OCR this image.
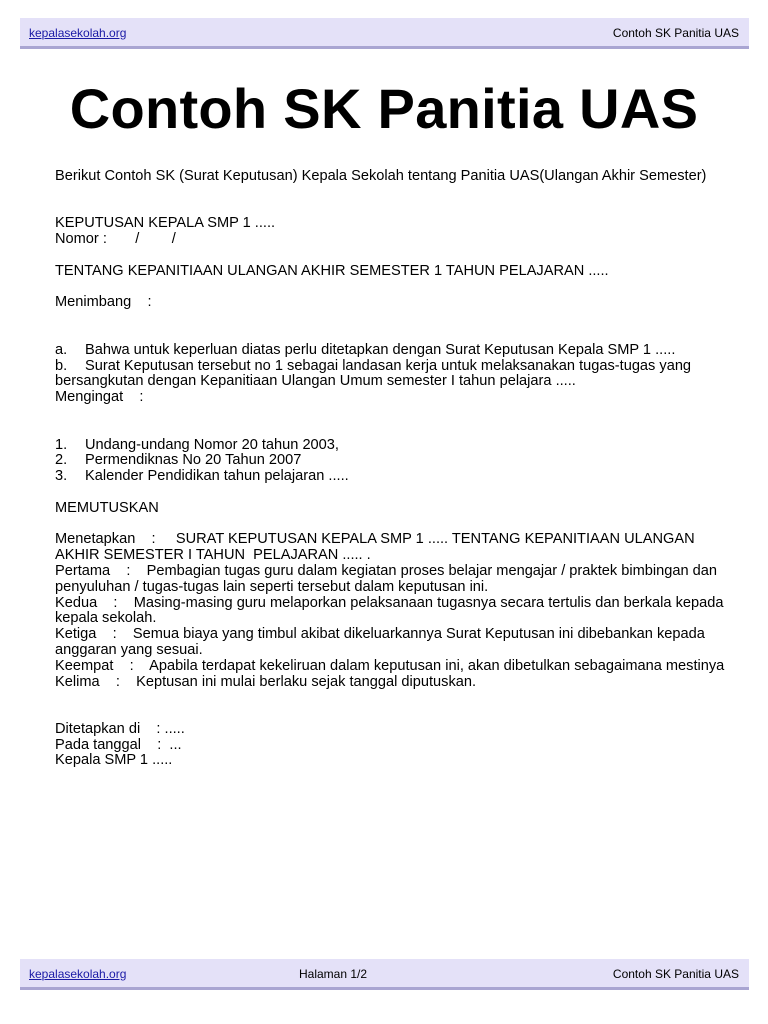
kepalasekolah.org	Contoh SK Panitia UAS
Contoh SK Panitia UAS

Berikut Contoh SK (Surat Keputusan) Kepala Sekolah tentang Panitia UAS(Ulangan Akhir Semester)

KEPUTUSAN KEPALA SMP 1 .....

Nomor :       /        /

TENTANG KEPANITIAAN ULANGAN AKHIR SEMESTER 1 TAHUN PELAJARAN .....

Menimbang    :

a. Bahwa untuk keperluan diatas perlu ditetapkan dengan Surat Keputusan Kepala SMP 1 .....

b. Surat Keputusan tersebut no 1 sebagai landasan kerja untuk melaksanakan tugas-tugas yang bersangkutan dengan Kepanitiaan Ulangan Umum semester I tahun pelajara .....

Mengingat    :

1. Undang-undang Nomor 20 tahun 2003,

2. Permendiknas No 20 Tahun 2007

3. Kalender Pendidikan tahun pelajaran .....

MEMUTUSKAN

Menetapkan    :     SURAT KEPUTUSAN KEPALA SMP 1 ..... TENTANG KEPANITIAAN ULANGAN AKHIR SEMESTER I TAHUN  PELAJARAN ..... .

Pertama    :    Pembagian tugas guru dalam kegiatan proses belajar mengajar / praktek bimbingan dan penyuluhan / tugas-tugas lain seperti tersebut dalam keputusan ini.

Kedua    :    Masing-masing guru melaporkan pelaksanaan tugasnya secara tertulis dan berkala kepada kepala sekolah.

Ketiga    :    Semua biaya yang timbul akibat dikeluarkannya Surat Keputusan ini dibebankan kepada anggaran yang sesuai.

Keempat    :    Apabila terdapat kekeliruan dalam keputusan ini, akan dibetulkan sebagaimana mestinya

Kelima    :    Keptusan ini mulai berlaku sejak tanggal diputuskan.

Ditetapkan di    : .....

Pada tanggal    :  ...

Kepala SMP 1 .....

kepalasekolah.org	Halaman 1/2	Contoh SK Panitia UAS
